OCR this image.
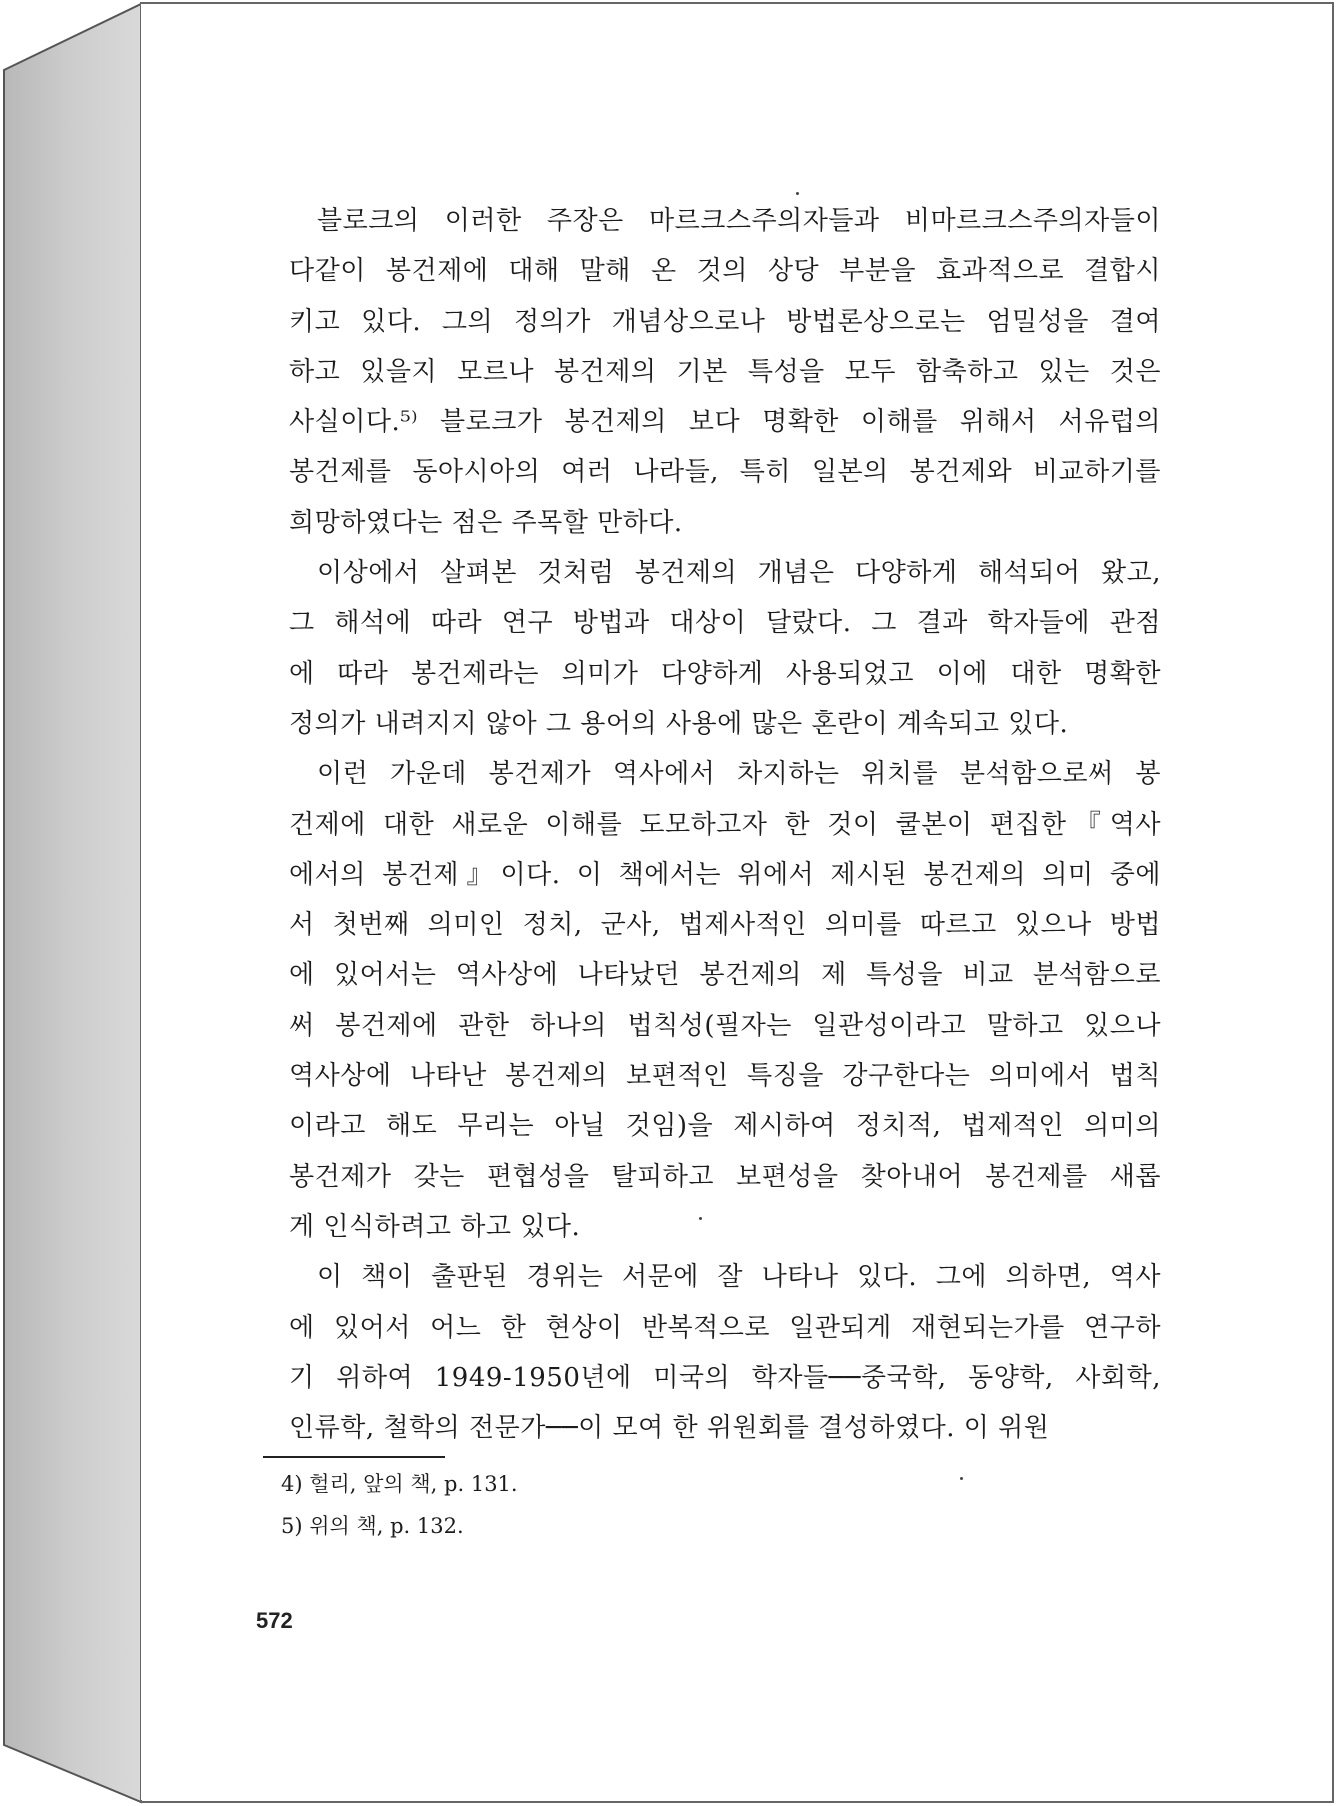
블로크의 이러한 주장은 마르크스주의자들과 비마르크스주의자들이
다같이 봉건제에 대해 말해 온 것의 상당 부분을 효과적으로 결합시
키고 있다. 그의 정의가 개념상으로나 방법론상으로는 엄밀성을 결여
하고 있을지 모르나 봉건제의 기본 특성을 모두 함축하고 있는 것은
사실이다.⁵⁾ 블로크가 봉건제의 보다 명확한 이해를 위해서 서유럽의
봉건제를 동아시아의 여러 나라들, 특히 일본의 봉건제와 비교하기를
희망하였다는 점은 주목할 만하다.
이상에서 살펴본 것처럼 봉건제의 개념은 다양하게 해석되어 왔고,
그 해석에 따라 연구 방법과 대상이 달랐다. 그 결과 학자들에 관점
에 따라 봉건제라는 의미가 다양하게 사용되었고 이에 대한 명확한
정의가 내려지지 않아 그 용어의 사용에 많은 혼란이 계속되고 있다.
이런 가운데 봉건제가 역사에서 차지하는 위치를 분석함으로써 봉
건제에 대한 새로운 이해를 도모하고자 한 것이 쿨본이 편집한『역사
에서의 봉건제』이다. 이 책에서는 위에서 제시된 봉건제의 의미 중에
서 첫번째 의미인 정치, 군사, 법제사적인 의미를 따르고 있으나 방법
에 있어서는 역사상에 나타났던 봉건제의 제 특성을 비교 분석함으로
써 봉건제에 관한 하나의 법칙성(필자는 일관성이라고 말하고 있으나
역사상에 나타난 봉건제의 보편적인 특징을 강구한다는 의미에서 법칙
이라고 해도 무리는 아닐 것임)을 제시하여 정치적, 법제적인 의미의
봉건제가 갖는 편협성을 탈피하고 보편성을 찾아내어 봉건제를 새롭
게 인식하려고 하고 있다.
이 책이 출판된 경위는 서문에 잘 나타나 있다. 그에 의하면, 역사
에 있어서 어느 한 현상이 반복적으로 일관되게 재현되는가를 연구하
기 위하여 1949-1950년에 미국의 학자들──중국학, 동양학, 사회학,
인류학, 철학의 전문가──이 모여 한 위원회를 결성하였다. 이 위원
4) 헐리, 앞의 책, p. 131.
5) 위의 책, p. 132.
572
